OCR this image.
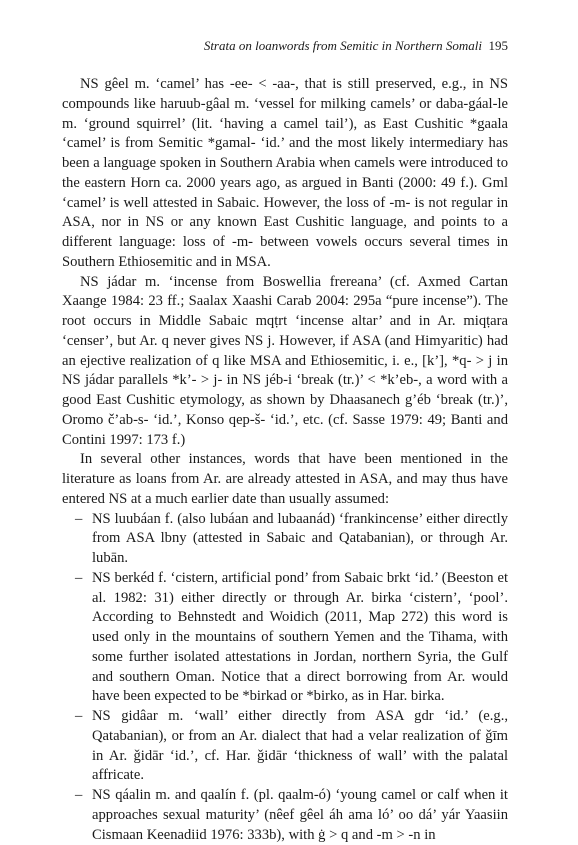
Strata on loanwords from Semitic in Northern Somali 195

NS gêel m. ‘camel’ has -ee- < -aa-, that is still preserved, e.g., in NS compounds like haruub-gâal m. ‘vessel for milking camels’ or daba-gáal-le m. ‘ground squirrel’ (lit. ‘having a camel tail’), as East Cushitic *gaala ‘camel’ is from Semitic *gamal- ‘id.’ and the most likely intermediary has been a language spoken in Southern Arabia when camels were introduced to the eastern Horn ca. 2000 years ago, as argued in Banti (2000: 49 f.). Gml ‘camel’ is well attested in Sabaic. However, the loss of -m- is not regular in ASA, nor in NS or any known East Cushitic language, and points to a different language: loss of -m- between vowels occurs several times in Southern Ethiosemitic and in MSA.

NS jádar m. ‘incense from Boswellia frereana’ (cf. Axmed Cartan Xaange 1984: 23 ff.; Saalax Xaashi Carab 2004: 295a “pure incense”). The root occurs in Middle Sabaic mqṭrt ‘incense altar’ and in Ar. miqṭara ‘censer’, but Ar. q never gives NS j. However, if ASA (and Himyaritic) had an ejective realization of q like MSA and Ethiosemitic, i. e., [k’], *q- > j in NS jádar parallels *k’- > j- in NS jéb-i ‘break (tr.)’ < *k’eb-, a word with a good East Cushitic etymology, as shown by Dhaasanech g’éb ‘break (tr.)’, Oromo č’ab-s- ‘id.’, Konso qep-š- ‘id.’, etc. (cf. Sasse 1979: 49; Banti and Contini 1997: 173 f.)

In several other instances, words that have been mentioned in the literature as loans from Ar. are already attested in ASA, and may thus have entered NS at a much earlier date than usually assumed:

– NS luubáan f. (also lubáan and lubaanád) ‘frankincense’ either directly from ASA lbny (attested in Sabaic and Qatabanian), or through Ar. lubān.
– NS berkéd f. ‘cistern, artificial pond’ from Sabaic brkt ‘id.’ (Beeston et al. 1982: 31) either directly or through Ar. birka ‘cistern’, ‘pool’. According to Behnstedt and Woidich (2011, Map 272) this word is used only in the mountains of southern Yemen and the Tihama, with some further isolated attestations in Jordan, northern Syria, the Gulf and southern Oman. Notice that a direct borrowing from Ar. would have been expected to be *birkad or *birko, as in Har. birka.
– NS gidâar m. ‘wall’ either directly from ASA gdr ‘id.’ (e.g., Qatabanian), or from an Ar. dialect that had a velar realization of ǧīm in Ar. ǧidār ‘id.’, cf. Har. ǧidār ‘thickness of wall’ with the palatal affricate.
– NS qáalin m. and qaalín f. (pl. qaalm-ó) ‘young camel or calf when it approaches sexual maturity’ (nêef gêel áh ama ló’ oo dá’ yár Yaasiin Cismaan Keenadiid 1976: 333b), with ġ > q and -m > -n in
